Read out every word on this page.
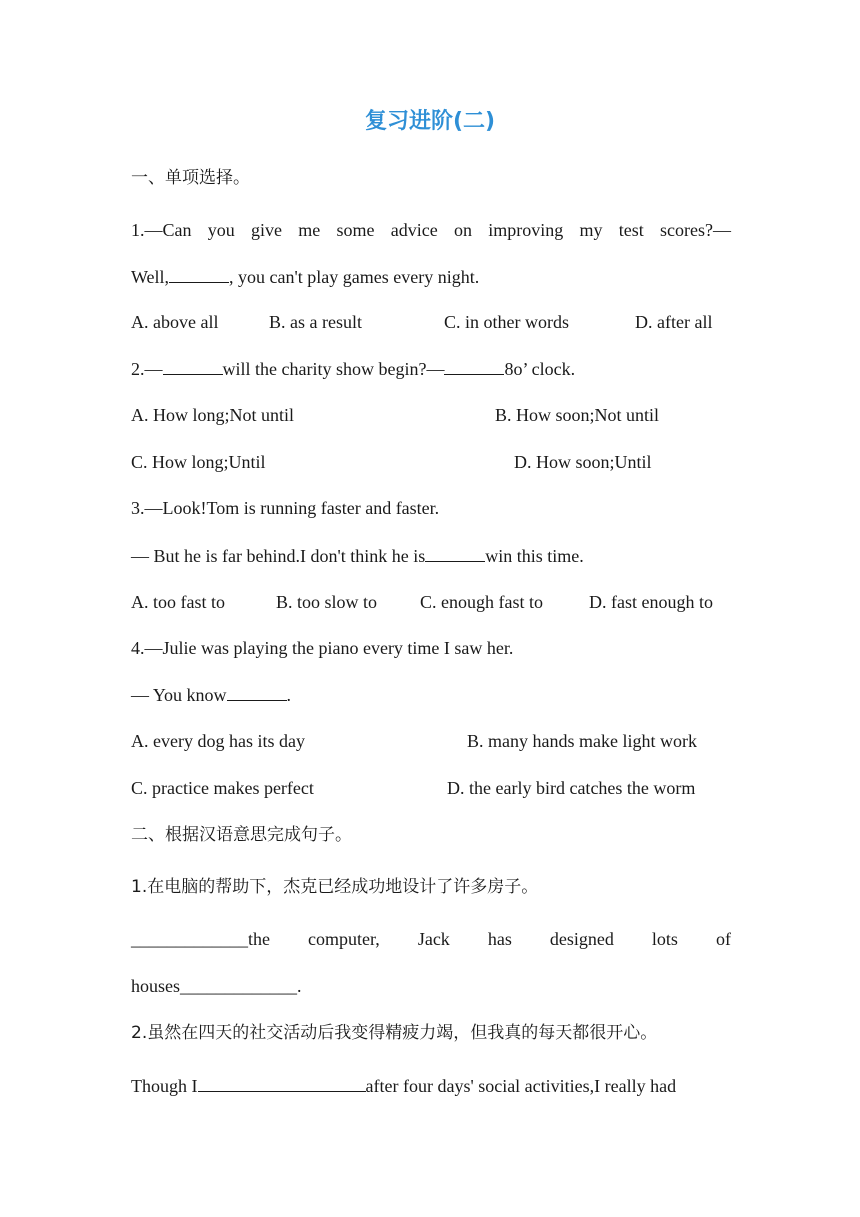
复习进阶(二)
一、单项选择。
1.—Can you give me some advice on improving my test scores?—
Well,	, you can't play games every night.
A. above all	B. as a result	C. in other words	D. after all
2.—	will the charity show begin?—	8o’ clock.
A. How long;Not until	B. How soon;Not until
C. How long;Until	D. How soon;Until
3.—Look!Tom is running faster and faster.
— But he is far behind.I don't think he is	win this time.
A. too fast to	B. too slow to C. enough fast to	D. fast enough to
4.—Julie was playing the piano every time I saw her.
— You know	.
A. every dog has its day	B. many hands make light work
C. practice makes perfect	D. the early bird catches the worm
二、根据汉语意思完成句子。
1.在电脑的帮助下，杰克已经成功地设计了许多房子。
_____________the computer, Jack has designed lots of
houses_____________.
2.虽然在四天的社交活动后我变得精疲力竭，但我真的每天都很开心。
Though I	after four days' social activities,I really had
